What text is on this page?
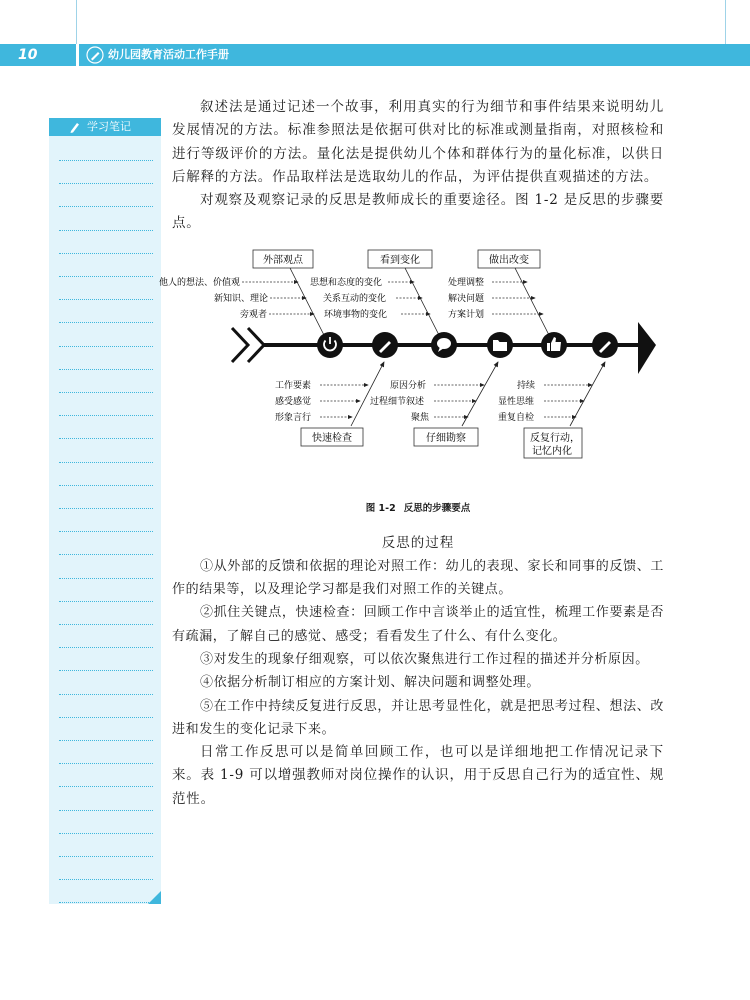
10	幼儿园教育活动工作手册
学习笔记

叙述法是通过记述一个故事，利用真实的行为细节和事件结果来说明幼儿发展情况的方法。标准参照法是依据可供对比的标准或测量指南，对照核检和进行等级评价的方法。量化法是提供幼儿个体和群体行为的量化标准，以供日后解释的方法。作品取样法是选取幼儿的作品，为评估提供直观描述的方法。

对观察及观察记录的反思是教师成长的重要途径。图 1-2 是反思的步骤要点。

外部观点	看到变化	做出改变
他人的想法、价值观
新知识、理论
旁观者
思想和态度的变化
关系互动的变化
环境事物的变化
处理调整
解决问题
方案计划
工作要素
感受感觉
形象言行
原因分析
过程细节叙述
聚焦
持续
显性思维
重复自检
快速检查	仔细勘察	反复行动，
记忆内化

图 1-2 反思的步骤要点

反思的过程

①从外部的反馈和依据的理论对照工作：幼儿的表现、家长和同事的反馈、工作的结果等，以及理论学习都是我们对照工作的关键点。

②抓住关键点，快速检查：回顾工作中言谈举止的适宜性，梳理工作要素是否有疏漏，了解自己的感觉、感受；看看发生了什么、有什么变化。

③对发生的现象仔细观察，可以依次聚焦进行工作过程的描述并分析原因。

④依据分析制订相应的方案计划、解决问题和调整处理。

⑤在工作中持续反复进行反思，并让思考显性化，就是把思考过程、想法、改进和发生的变化记录下来。

日常工作反思可以是简单回顾工作，也可以是详细地把工作情况记录下来。表 1-9 可以增强教师对岗位操作的认识，用于反思自己行为的适宜性、规范性。
